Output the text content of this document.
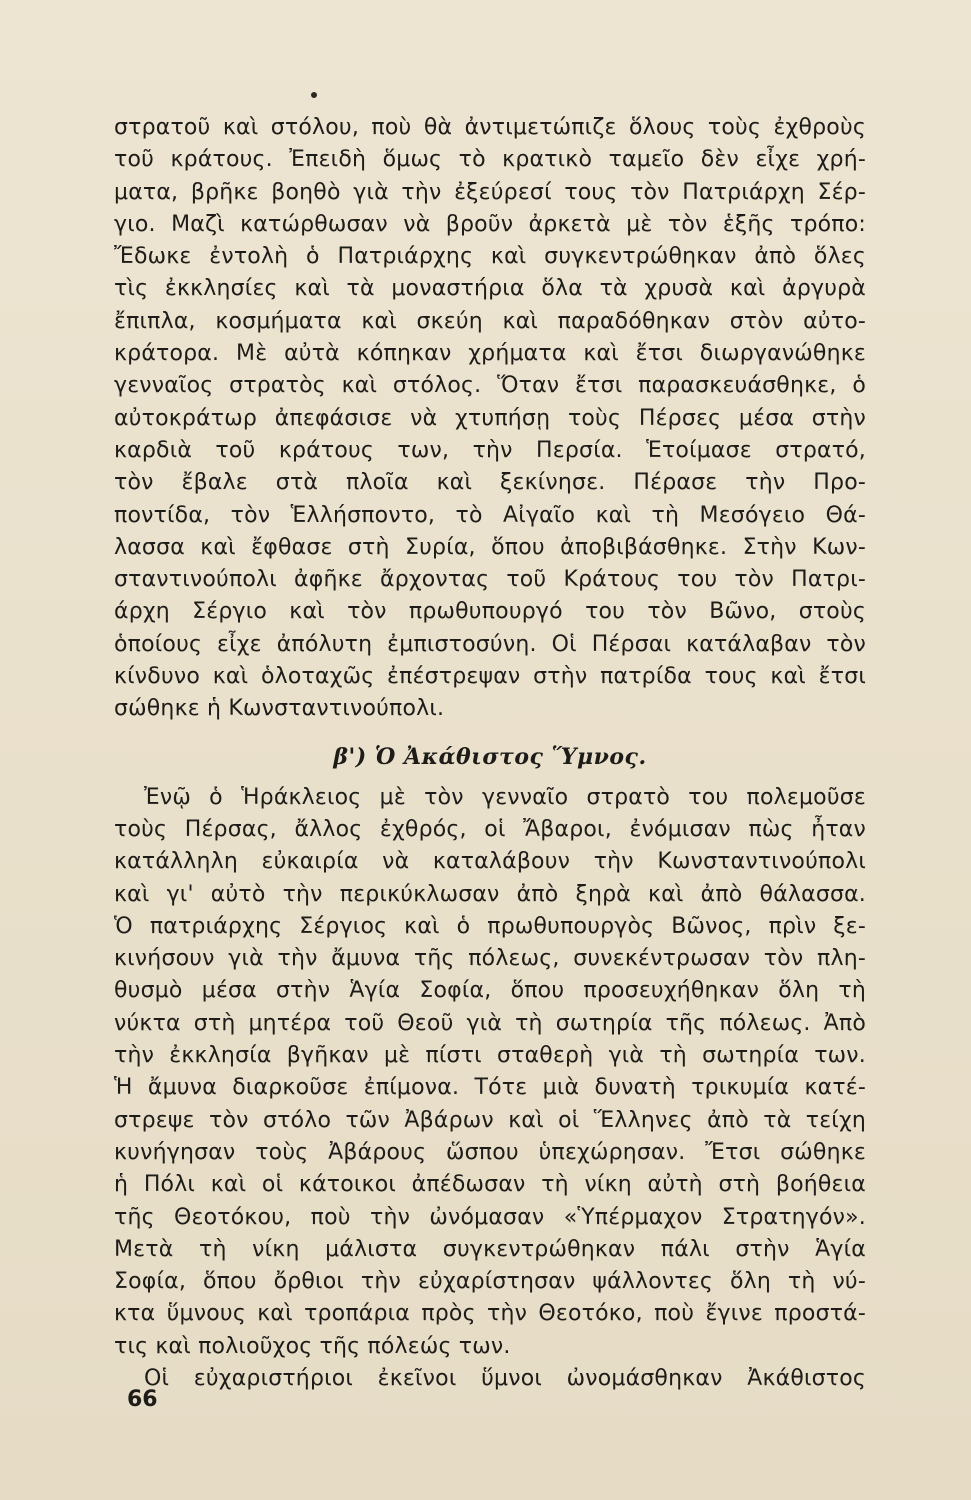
στρατοῦ καὶ στόλου, ποὺ θὰ ἀντιμετώπιζε ὅλους τοὺς ἐχθροὺς
τοῦ κράτους. Ἐπειδὴ ὅμως τὸ κρατικὸ ταμεῖο δὲν εἶχε χρή-
ματα, βρῆκε βοηθὸ γιὰ τὴν ἐξεύρεσί τους τὸν Πατριάρχη Σέρ-
γιο. Μαζὶ κατώρθωσαν νὰ βροῦν ἀρκετὰ μὲ τὸν ἑξῆς τρόπο:
Ἔδωκε ἐντολὴ ὁ Πατριάρχης καὶ συγκεντρώθηκαν ἀπὸ ὅλες
τὶς ἐκκλησίες καὶ τὰ μοναστήρια ὅλα τὰ χρυσὰ καὶ ἀργυρὰ
ἔπιπλα, κοσμήματα καὶ σκεύη καὶ παραδόθηκαν στὸν αὐτο-
κράτορα. Μὲ αὐτὰ κόπηκαν χρήματα καὶ ἔτσι διωργανώθηκε
γενναῖος στρατὸς καὶ στόλος. Ὅταν ἔτσι παρασκευάσθηκε, ὁ
αὐτοκράτωρ ἀπεφάσισε νὰ χτυπήσῃ τοὺς Πέρσες μέσα στὴν
καρδιὰ τοῦ κράτους των, τὴν Περσία. Ἑτοίμασε στρατό,
τὸν ἔβαλε στὰ πλοῖα καὶ ξεκίνησε. Πέρασε τὴν Προ-
ποντίδα, τὸν Ἑλλήσποντο, τὸ Αἰγαῖο καὶ τὴ Μεσόγειο Θά-
λασσα καὶ ἔφθασε στὴ Συρία, ὅπου ἀποβιβάσθηκε. Στὴν Κων-
σταντινούπολι ἀφῆκε ἄρχοντας τοῦ Κράτους του τὸν Πατρι-
άρχη Σέργιο καὶ τὸν πρωθυπουργό του τὸν Βῶνο, στοὺς
ὁποίους εἶχε ἀπόλυτη ἐμπιστοσύνη. Οἱ Πέρσαι κατάλαβαν τὸν
κίνδυνο καὶ ὁλοταχῶς ἐπέστρεψαν στὴν πατρίδα τους καὶ ἔτσι
σώθηκε ἡ Κωνσταντινούπολι.
β') Ὁ Ἀκάθιστος Ὕμνος.
Ἐνῷ ὁ Ἡράκλειος μὲ τὸν γενναῖο στρατὸ του πολεμοῦσε
τοὺς Πέρσας, ἄλλος ἐχθρός, οἱ Ἄβαροι, ἐνόμισαν πὼς ἦταν
κατάλληλη εὐκαιρία νὰ καταλάβουν τὴν Κωνσταντινούπολι
καὶ γι' αὐτὸ τὴν περικύκλωσαν ἀπὸ ξηρὰ καὶ ἀπὸ θάλασσα.
Ὁ πατριάρχης Σέργιος καὶ ὁ πρωθυπουργὸς Βῶνος, πρὶν ξε-
κινήσουν γιὰ τὴν ἄμυνα τῆς πόλεως, συνεκέντρωσαν τὸν πλη-
θυσμὸ μέσα στὴν Ἁγία Σοφία, ὅπου προσευχήθηκαν ὅλη τὴ
νύκτα στὴ μητέρα τοῦ Θεοῦ γιὰ τὴ σωτηρία τῆς πόλεως. Ἀπὸ
τὴν ἐκκλησία βγῆκαν μὲ πίστι σταθερὴ γιὰ τὴ σωτηρία των.
Ἡ ἄμυνα διαρκοῦσε ἐπίμονα. Τότε μιὰ δυνατὴ τρικυμία κατέ-
στρεψε τὸν στόλο τῶν Ἀβάρων καὶ οἱ Ἕλληνες ἀπὸ τὰ τείχη
κυνήγησαν τοὺς Ἀβάρους ὥσπου ὑπεχώρησαν. Ἔτσι σώθηκε
ἡ Πόλι καὶ οἱ κάτοικοι ἀπέδωσαν τὴ νίκη αὐτὴ στὴ βοήθεια
τῆς Θεοτόκου, ποὺ τὴν ὠνόμασαν «Ὑπέρμαχον Στρατηγόν».
Μετὰ τὴ νίκη μάλιστα συγκεντρώθηκαν πάλι στὴν Ἁγία
Σοφία, ὅπου ὄρθιοι τὴν εὐχαρίστησαν ψάλλοντες ὅλη τὴ νύ-
κτα ὕμνους καὶ τροπάρια πρὸς τὴν Θεοτόκο, ποὺ ἔγινε προστά-
τις καὶ πολιοῦχος τῆς πόλεώς των.
Οἱ εὐχαριστήριοι ἐκεῖνοι ὕμνοι ὠνομάσθηκαν Ἀκάθιστος
66
